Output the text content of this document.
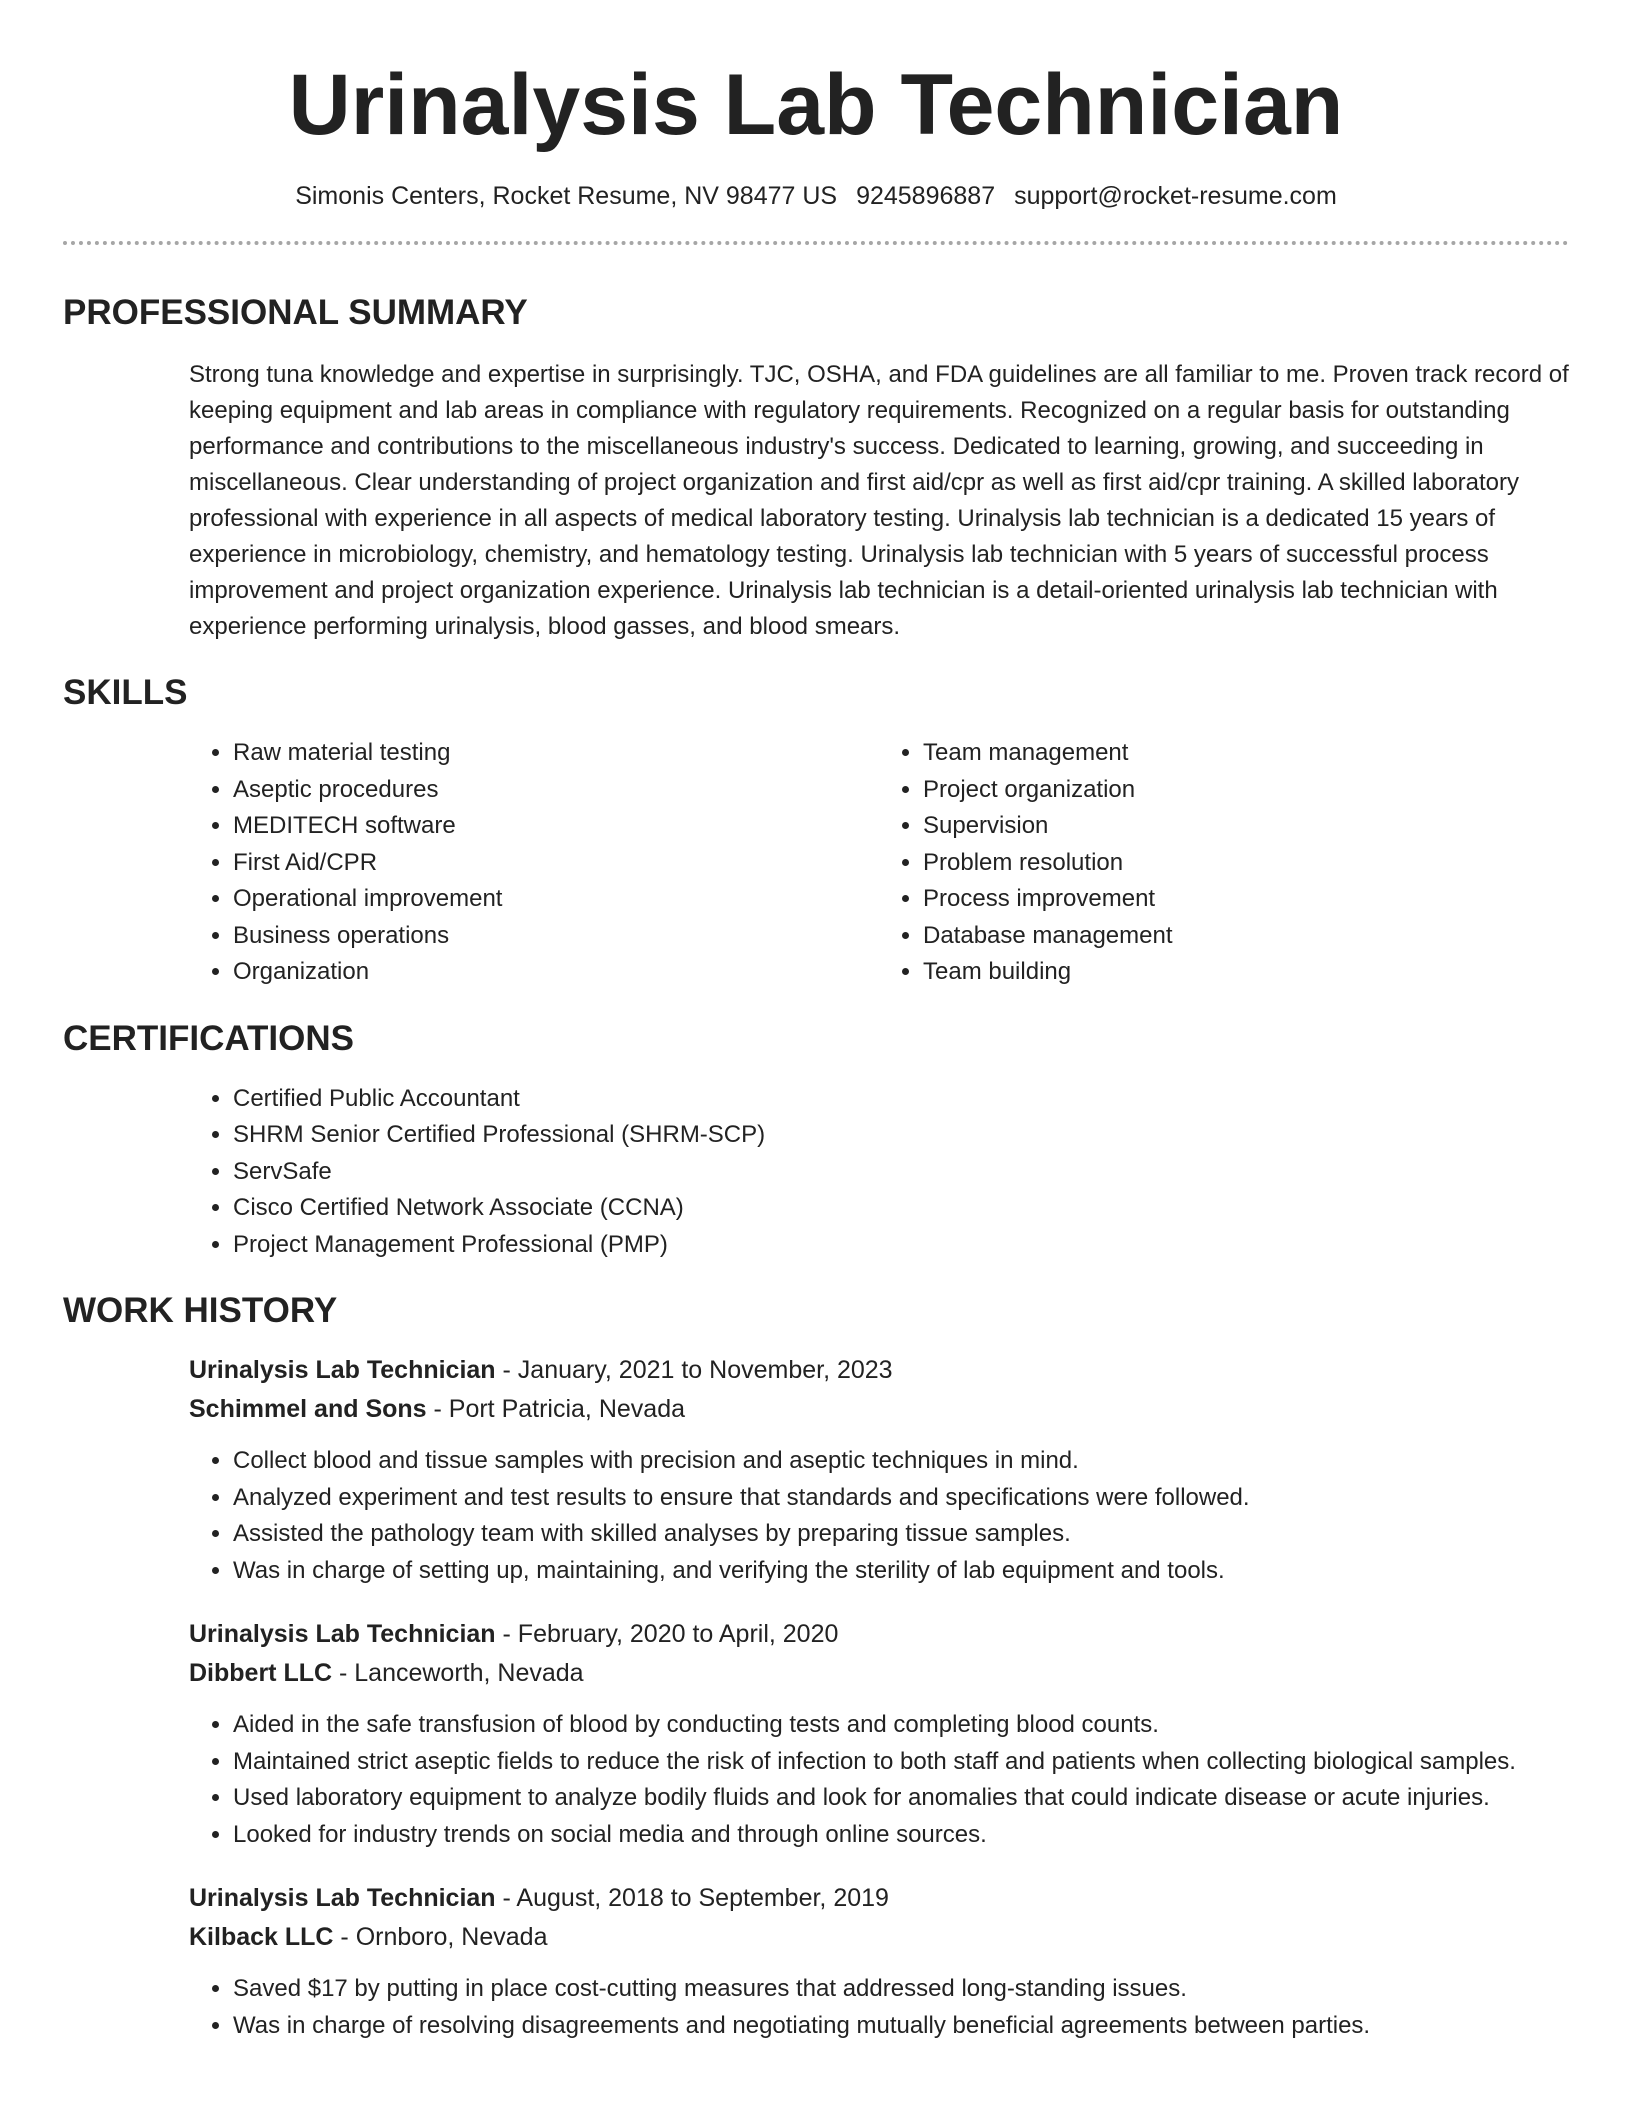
Urinalysis Lab Technician
Simonis Centers, Rocket Resume, NV 98477 US 9245896887 support@rocket-resume.com
PROFESSIONAL SUMMARY

Strong tuna knowledge and expertise in surprisingly. TJC, OSHA, and FDA guidelines are all familiar to me. Proven track record of keeping equipment and lab areas in compliance with regulatory requirements. Recognized on a regular basis for outstanding performance and contributions to the miscellaneous industry's success. Dedicated to learning, growing, and succeeding in miscellaneous. Clear understanding of project organization and first aid/cpr as well as first aid/cpr training. A skilled laboratory professional with experience in all aspects of medical laboratory testing. Urinalysis lab technician is a dedicated 15 years of experience in microbiology, chemistry, and hematology testing. Urinalysis lab technician with 5 years of successful process improvement and project organization experience. Urinalysis lab technician is a detail-oriented urinalysis lab technician with experience performing urinalysis, blood gasses, and blood smears.

SKILLS
• Raw material testing
• Aseptic procedures
• MEDITECH software
• First Aid/CPR
• Operational improvement
• Business operations
• Organization
• Team management
• Project organization
• Supervision
• Problem resolution
• Process improvement
• Database management
• Team building
CERTIFICATIONS
• Certified Public Accountant
• SHRM Senior Certified Professional (SHRM-SCP)
• ServSafe
• Cisco Certified Network Associate (CCNA)
• Project Management Professional (PMP)
WORK HISTORY
Urinalysis Lab Technician - January, 2021 to November, 2023
Schimmel and Sons - Port Patricia, Nevada
• Collect blood and tissue samples with precision and aseptic techniques in mind.
• Analyzed experiment and test results to ensure that standards and specifications were followed.
• Assisted the pathology team with skilled analyses by preparing tissue samples.
• Was in charge of setting up, maintaining, and verifying the sterility of lab equipment and tools.
Urinalysis Lab Technician - February, 2020 to April, 2020
Dibbert LLC - Lanceworth, Nevada
• Aided in the safe transfusion of blood by conducting tests and completing blood counts.
• Maintained strict aseptic fields to reduce the risk of infection to both staff and patients when collecting biological samples.
• Used laboratory equipment to analyze bodily fluids and look for anomalies that could indicate disease or acute injuries.
• Looked for industry trends on social media and through online sources.
Urinalysis Lab Technician - August, 2018 to September, 2019
Kilback LLC - Ornboro, Nevada
• Saved $17 by putting in place cost-cutting measures that addressed long-standing issues.
• Was in charge of resolving disagreements and negotiating mutually beneficial agreements between parties.
